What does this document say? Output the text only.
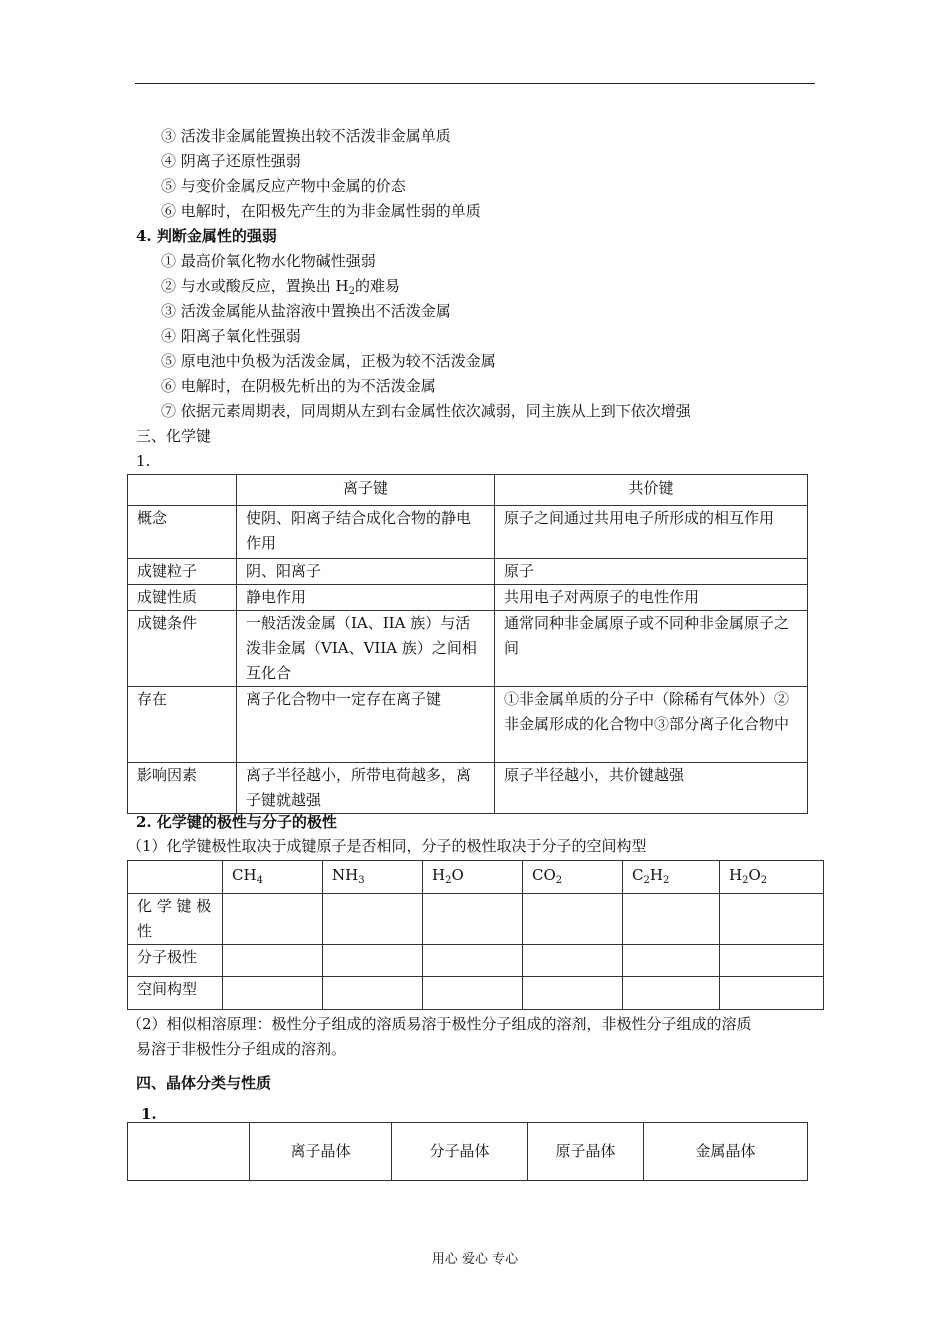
③ 活泼非金属能置换出较不活泼非金属单质
④ 阴离子还原性强弱
⑤ 与变价金属反应产物中金属的价态
⑥ 电解时，在阳极先产生的为非金属性弱的单质
4. 判断金属性的强弱
① 最高价氧化物水化物碱性强弱
② 与水或酸反应，置换出 $H_2$的难易
③ 活泼金属能从盐溶液中置换出不活泼金属
④ 阳离子氧化性强弱
⑤ 原电池中负极为活泼金属，正极为较不活泼金属
⑥ 电解时，在阴极先析出的为不活泼金属
⑦ 依据元素周期表，同周期从左到右金属性依次减弱，同主族从上到下依次增强
三、化学键
1.
	离子键	共价键
概念	使阴、阳离子结合成化合物的静电作用	原子之间通过共用电子所形成的相互作用
成键粒子	阴、阳离子	原子
成键性质	静电作用	共用电子对两原子的电性作用
成键条件	一般活泼金属（IA、IIA 族）与活泼非金属（VIA、VIIA 族）之间相互化合	通常同种非金属原子或不同种非金属原子之间
存在	离子化合物中一定存在离子键	①非金属单质的分子中（除稀有气体外）②非金属形成的化合物中③部分离子化合物中
影响因素	离子半径越小，所带电荷越多，离子键就越强	原子半径越小，共价键越强
2. 化学键的极性与分子的极性
（1）化学键极性取决于成键原子是否相同，分子的极性取决于分子的空间构型
	$CH_4$	$NH_3$	$H_2O$	$CO_2$	$C_2H_2$	$H_2O_2$
化 学 键 极 性						
分子极性						
空间构型						
（2）相似相溶原理：极性分子组成的溶质易溶于极性分子组成的溶剂，非极性分子组成的溶质
易溶于非极性分子组成的溶剂。
四、晶体分类与性质
1.
	离子晶体	分子晶体	原子晶体	金属晶体
用心 爱心 专心
